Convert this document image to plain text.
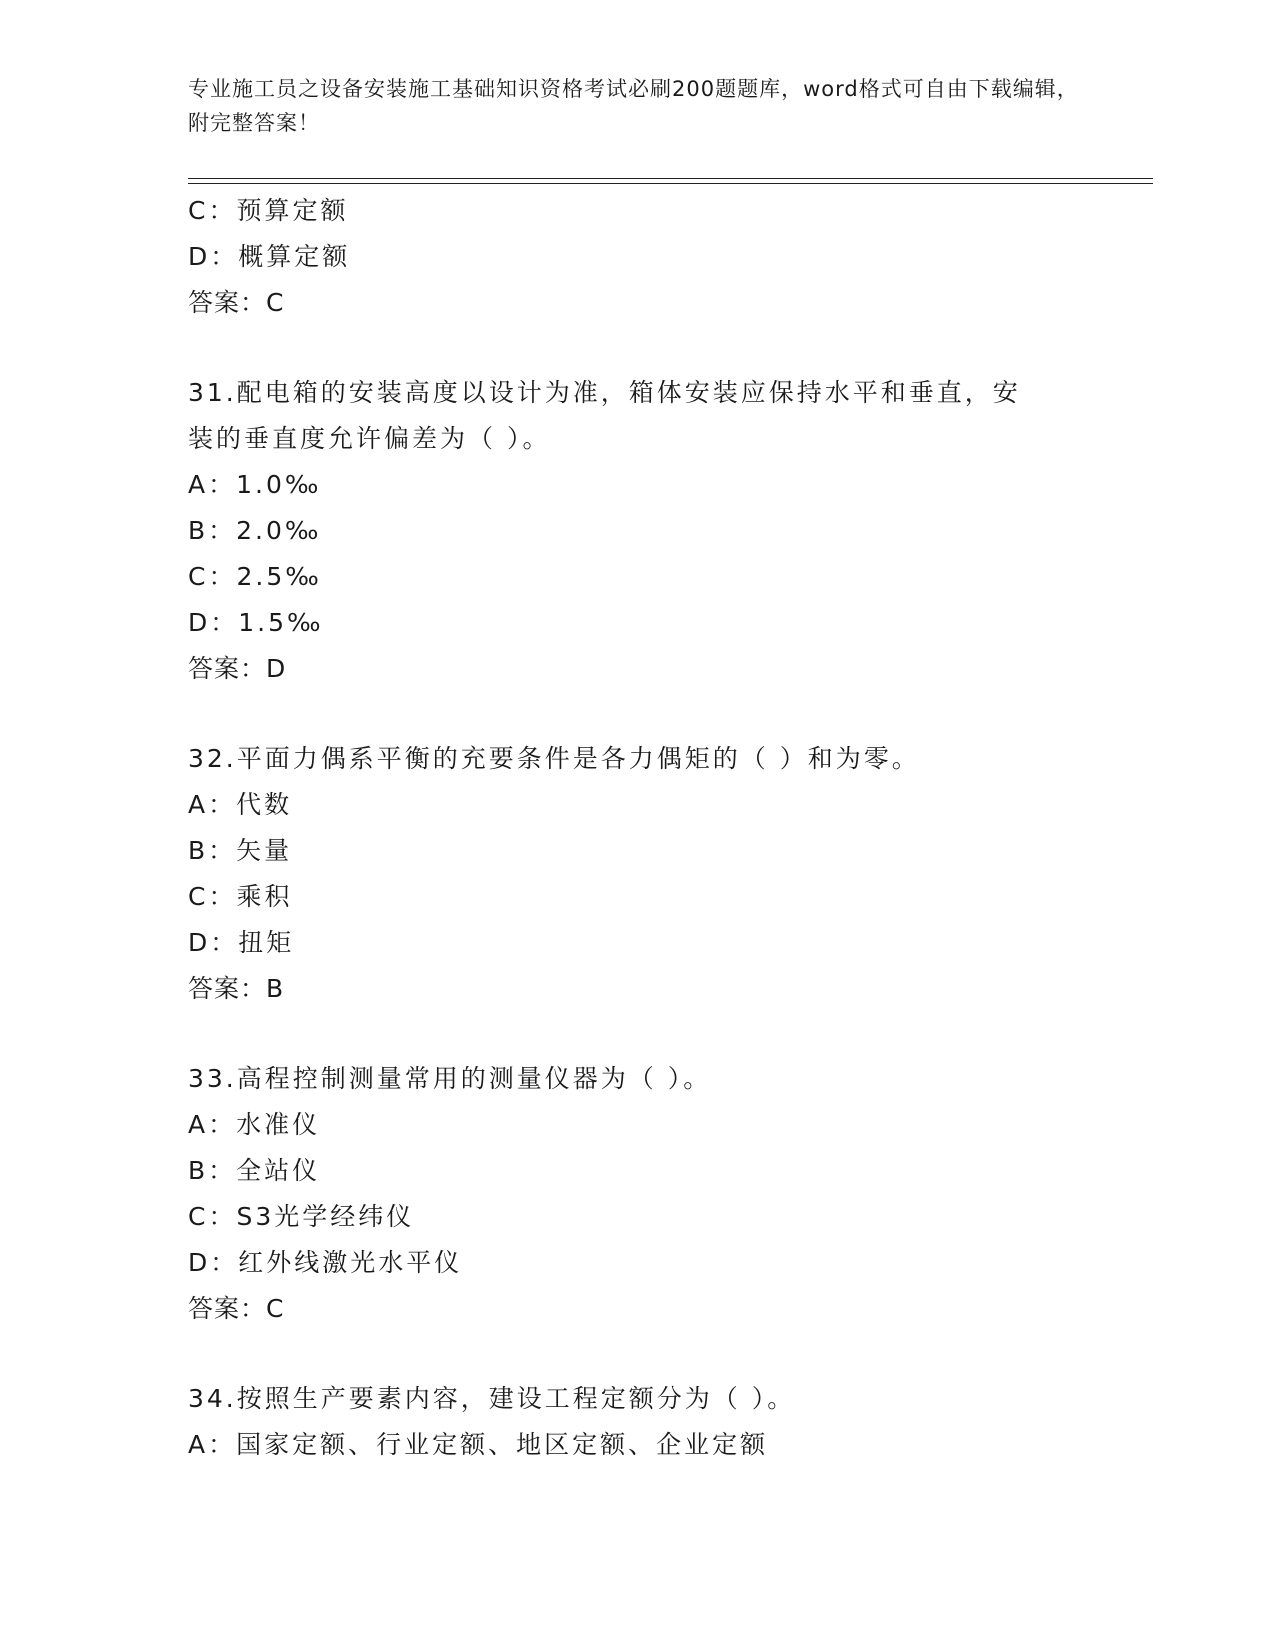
专业施工员之设备安装施工基础知识资格考试必刷200题题库，word格式可自由下载编辑，附完整答案！
C：预算定额
D：概算定额
答案：C
31.配电箱的安装高度以设计为准，箱体安装应保持水平和垂直，安装的垂直度允许偏差为（ ）。
A：1.0‰
B：2.0‰
C：2.5‰
D：1.5‰
答案：D
32.平面力偶系平衡的充要条件是各力偶矩的（ ）和为零。
A：代数
B：矢量
C：乘积
D：扭矩
答案：B
33.高程控制测量常用的测量仪器为（ ）。
A：水准仪
B：全站仪
C：S3光学经纬仪
D：红外线激光水平仪
答案：C
34.按照生产要素内容，建设工程定额分为（ ）。
A：国家定额、行业定额、地区定额、企业定额
